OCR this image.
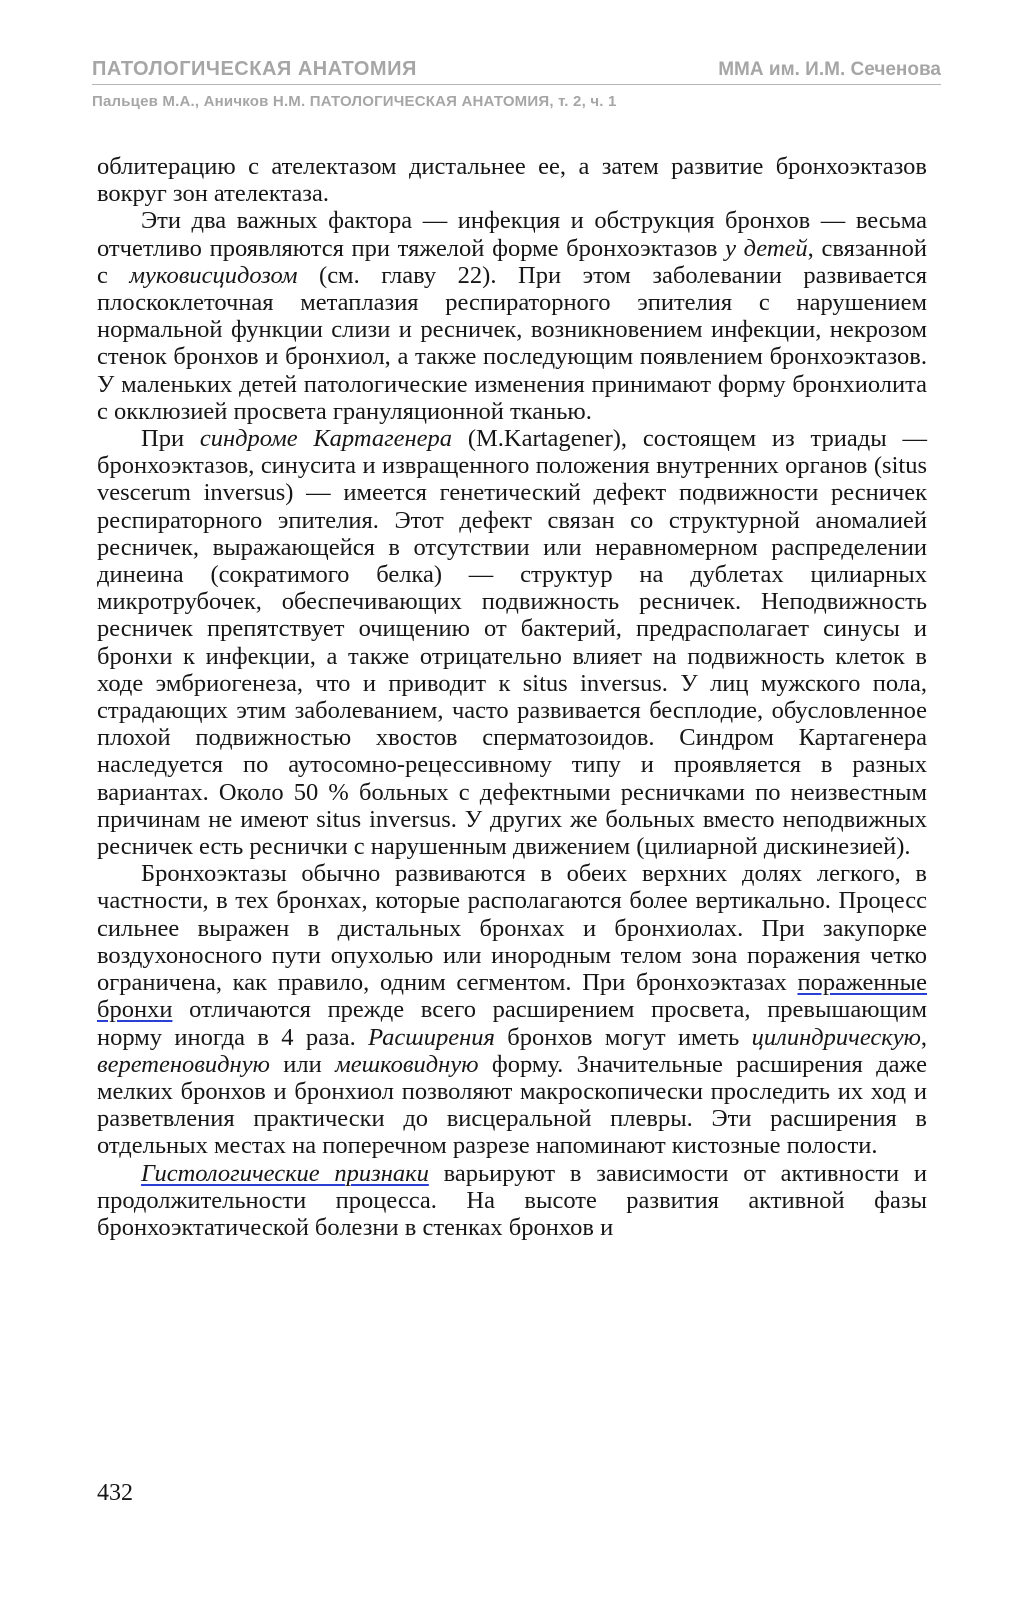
ПАТОЛОГИЧЕСКАЯ АНАТОМИЯ	ММА им. И.М. Сеченова
Пальцев М.А., Аничков Н.М. ПАТОЛОГИЧЕСКАЯ АНАТОМИЯ, т. 2, ч. 1

облитерацию с ателектазом дистальнее ее, а затем развитие бронхоэктазов вокруг зон ателектаза.

Эти два важных фактора — инфекция и обструкция бронхов — весьма отчетливо проявляются при тяжелой форме бронхоэктазов у детей, связанной с муковисцидозом (см. главу 22). При этом заболевании развивается плоскоклеточная метаплазия респираторного эпителия с нарушением нормальной функции слизи и ресничек, возникновением инфекции, некрозом стенок бронхов и бронхиол, а также последующим появлением бронхоэктазов. У маленьких детей патологические изменения принимают форму бронхиолита с окклюзией просвета грануляционной тканью.

При синдроме Картагенера (M.Kartagener), состоящем из триады — бронхоэктазов, синусита и извращенного положения внутренних органов (situs vescerum inversus) — имеется генетический дефект подвижности ресничек респираторного эпителия. Этот дефект связан со структурной аномалией ресничек, выражающейся в отсутствии или неравномерном распределении динеина (сократимого белка) — структур на дублетах цилиарных микротрубочек, обеспечивающих подвижность ресничек. Неподвижность ресничек препятствует очищению от бактерий, предрасполагает синусы и бронхи к инфекции, а также отрицательно влияет на подвижность клеток в ходе эмбриогенеза, что и приводит к situs inversus. У лиц мужского пола, страдающих этим заболеванием, часто развивается бесплодие, обусловленное плохой подвижностью хвостов сперматозоидов. Синдром Картагенера наследуется по аутосомно-рецессивному типу и проявляется в разных вариантах. Около 50 % больных с дефектными ресничками по неизвестным причинам не имеют situs inversus. У других же больных вместо неподвижных ресничек есть реснички с нарушенным движением (цилиарной дискинезией).

Бронхоэктазы обычно развиваются в обеих верхних долях легкого, в частности, в тех бронхах, которые располагаются более вертикально. Процесс сильнее выражен в дистальных бронхах и бронхиолах. При закупорке воздухоносного пути опухолью или инородным телом зона поражения четко ограничена, как правило, одним сегментом. При бронхоэктазах пораженные бронхи отличаются прежде всего расширением просвета, превышающим норму иногда в 4 раза. Расширения бронхов могут иметь цилиндрическую, веретеновидную или мешковидную форму. Значительные расширения даже мелких бронхов и бронхиол позволяют макроскопически проследить их ход и разветвления практически до висцеральной плевры. Эти расширения в отдельных местах на поперечном разрезе напоминают кистозные полости.

Гистологические признаки варьируют в зависимости от активности и продолжительности процесса. На высоте развития активной фазы бронхоэктатической болезни в стенках бронхов и

432
